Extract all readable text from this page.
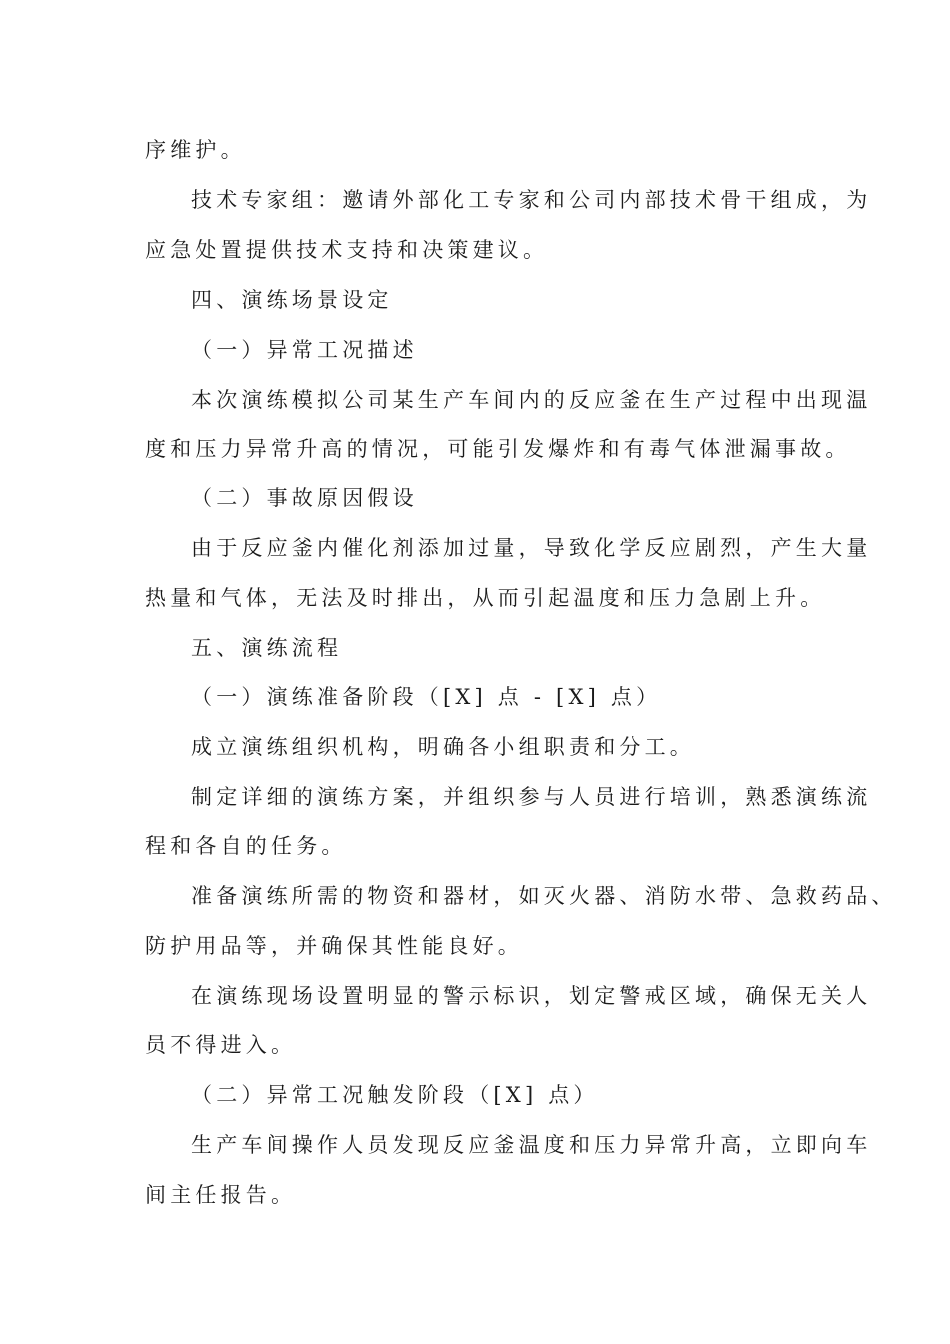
序维护。
技术专家组：邀请外部化工专家和公司内部技术骨干组成，为
应急处置提供技术支持和决策建议。
四、演练场景设定
（一）异常工况描述
本次演练模拟公司某生产车间内的反应釜在生产过程中出现温
度和压力异常升高的情况，可能引发爆炸和有毒气体泄漏事故。
（二）事故原因假设
由于反应釜内催化剂添加过量，导致化学反应剧烈，产生大量
热量和气体，无法及时排出，从而引起温度和压力急剧上升。
五、演练流程
（一）演练准备阶段（[X] 点 - [X] 点）
成立演练组织机构，明确各小组职责和分工。
制定详细的演练方案，并组织参与人员进行培训，熟悉演练流
程和各自的任务。
准备演练所需的物资和器材，如灭火器、消防水带、急救药品、
防护用品等，并确保其性能良好。
在演练现场设置明显的警示标识，划定警戒区域，确保无关人
员不得进入。
（二）异常工况触发阶段（[X] 点）
生产车间操作人员发现反应釜温度和压力异常升高，立即向车
间主任报告。
